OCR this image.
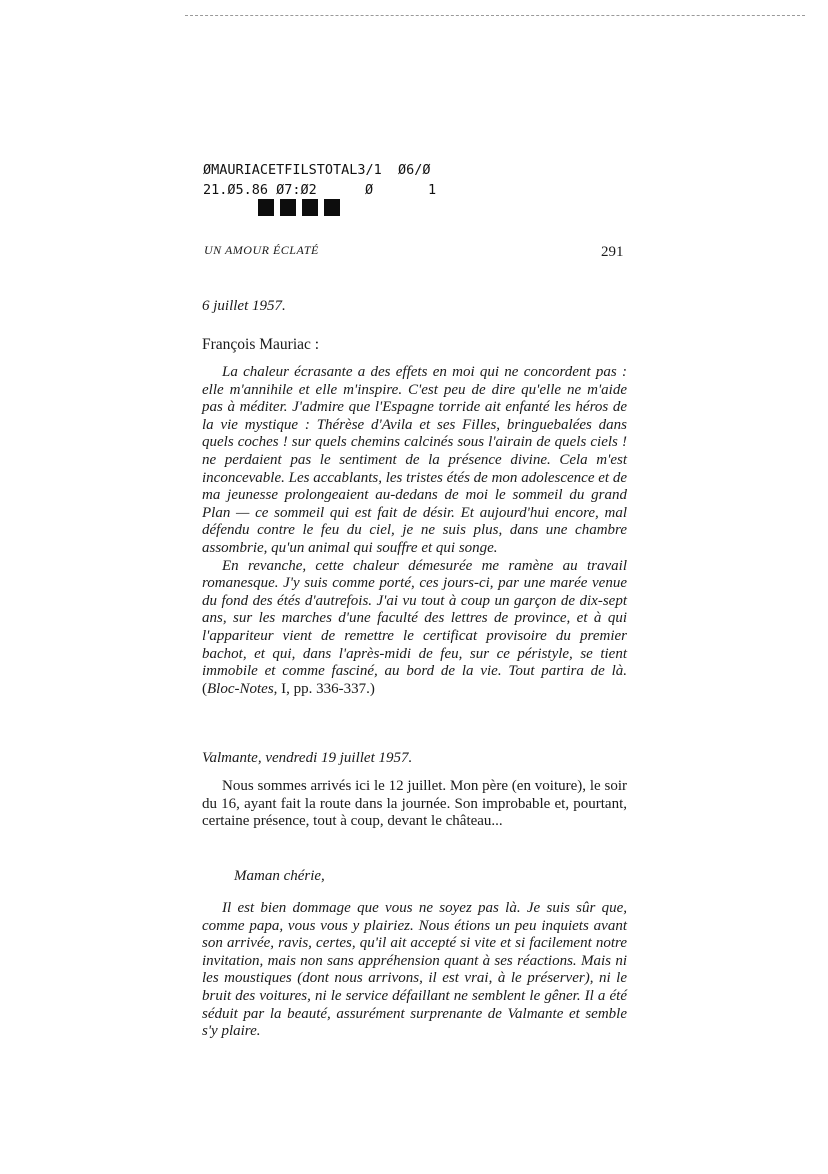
ØMAURIACETFILSTOTAL3/1 Ø6/Ø
21.Ø5.86 Ø7:Ø2	Ø	1
UN AMOUR ÉCLATÉ	291
6 juillet 1957.
François Mauriac :

La chaleur écrasante a des effets en moi qui ne concordent pas : elle m'annihile et elle m'inspire. C'est peu de dire qu'elle ne m'aide pas à méditer. J'admire que l'Espagne torride ait enfanté les héros de la vie mystique : Thérèse d'Avila et ses Filles, bringuebalées dans quels coches ! sur quels chemins calcinés sous l'airain de quels ciels ! ne perdaient pas le sentiment de la présence divine. Cela m'est inconcevable. Les accablants, les tristes étés de mon adolescence et de ma jeunesse prolongeaient au-dedans de moi le sommeil du grand Plan — ce sommeil qui est fait de désir. Et aujourd'hui encore, mal défendu contre le feu du ciel, je ne suis plus, dans une chambre assombrie, qu'un animal qui souffre et qui songe.

En revanche, cette chaleur démesurée me ramène au travail romanesque. J'y suis comme porté, ces jours-ci, par une marée venue du fond des étés d'autrefois. J'ai vu tout à coup un garçon de dix-sept ans, sur les marches d'une faculté des lettres de province, et à qui l'appariteur vient de remettre le certificat provisoire du premier bachot, et qui, dans l'après-midi de feu, sur ce péristyle, se tient immobile et comme fasciné, au bord de la vie. Tout partira de là. (Bloc-Notes, I, pp. 336-337.)

Valmante, vendredi 19 juillet 1957.
Nous sommes arrivés ici le 12 juillet. Mon père (en voiture), le soir du 16, ayant fait la route dans la journée. Son improbable et, pourtant, certaine présence, tout à coup, devant le château...
Maman chérie,
Il est bien dommage que vous ne soyez pas là. Je suis sûr que, comme papa, vous vous y plairiez. Nous étions un peu inquiets avant son arrivée, ravis, certes, qu'il ait accepté si vite et si facilement notre invitation, mais non sans appréhension quant à ses réactions. Mais ni les moustiques (dont nous arrivons, il est vrai, à le préserver), ni le bruit des voitures, ni le service défaillant ne semblent le gêner. Il a été séduit par la beauté, assurément surprenante de Valmante et semble s'y plaire.
